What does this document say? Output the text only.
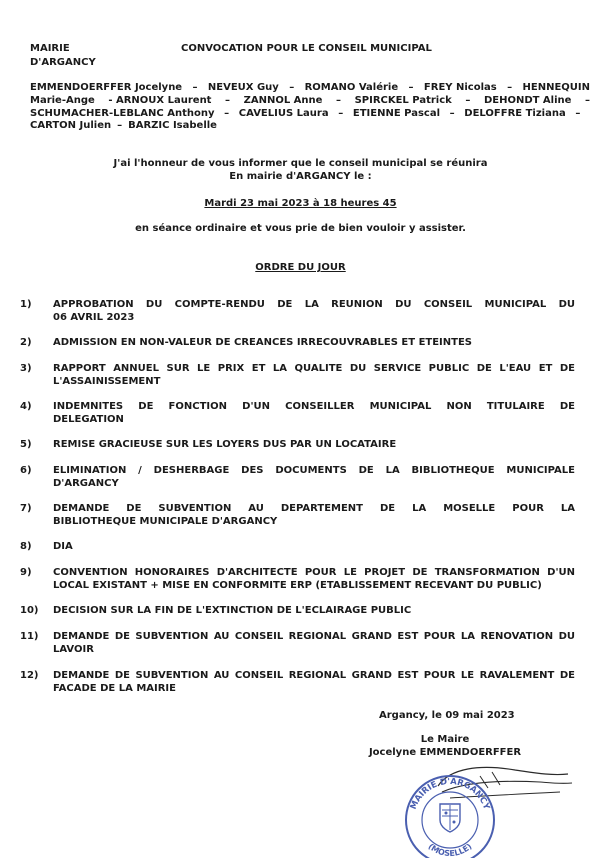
MAIRIE
D'ARGANCY
CONVOCATION POUR LE CONSEIL MUNICIPAL
EMMENDOERFFER Jocelyne – NEVEUX Guy – ROMANO Valérie – FREY Nicolas – HENNEQUIN
Marie-Ange - ARNOUX Laurent – ZANNOL Anne – SPIRCKEL Patrick – DEHONDT Aline –
SCHUMACHER-LEBLANC Anthony – CAVELIUS Laura – ETIENNE Pascal – DELOFFRE Tiziana –
CARTON Julien – BARZIC Isabelle
J'ai l'honneur de vous informer que le conseil municipal se réunira
En mairie d'ARGANCY le :
Mardi 23 mai 2023 à 18 heures 45
en séance ordinaire et vous prie de bien vouloir y assister.
ORDRE DU JOUR
1)	APPROBATION DU COMPTE-RENDU DE LA REUNION DU CONSEIL MUNICIPAL DU
06 AVRIL 2023
2)	ADMISSION EN NON-VALEUR DE CREANCES IRRECOUVRABLES ET ETEINTES
3)	RAPPORT ANNUEL SUR LE PRIX ET LA QUALITE DU SERVICE PUBLIC DE L'EAU ET DE
L'ASSAINISSEMENT
4)	INDEMNITES DE FONCTION D'UN CONSEILLER MUNICIPAL NON TITULAIRE DE
DELEGATION
5)	REMISE GRACIEUSE SUR LES LOYERS DUS PAR UN LOCATAIRE
6)	ELIMINATION / DESHERBAGE DES DOCUMENTS DE LA BIBLIOTHEQUE MUNICIPALE
D'ARGANCY
7)	DEMANDE DE SUBVENTION AU DEPARTEMENT DE LA MOSELLE POUR LA
BIBLIOTHEQUE MUNICIPALE D'ARGANCY
8)	DIA
9)	CONVENTION HONORAIRES D'ARCHITECTE POUR LE PROJET DE TRANSFORMATION D'UN
LOCAL EXISTANT + MISE EN CONFORMITE ERP (ETABLISSEMENT RECEVANT DU PUBLIC)
10)	DECISION SUR LA FIN DE L'EXTINCTION DE L'ECLAIRAGE PUBLIC
11)	DEMANDE DE SUBVENTION AU CONSEIL REGIONAL GRAND EST POUR LA RENOVATION DU
LAVOIR
12)	DEMANDE DE SUBVENTION AU CONSEIL REGIONAL GRAND EST POUR LE RAVALEMENT DE
FACADE DE LA MAIRIE
Argancy, le 09 mai 2023
Le Maire
Jocelyne EMMENDOERFFER
MAIRIE D'ARGANCY
(MOSELLE)
